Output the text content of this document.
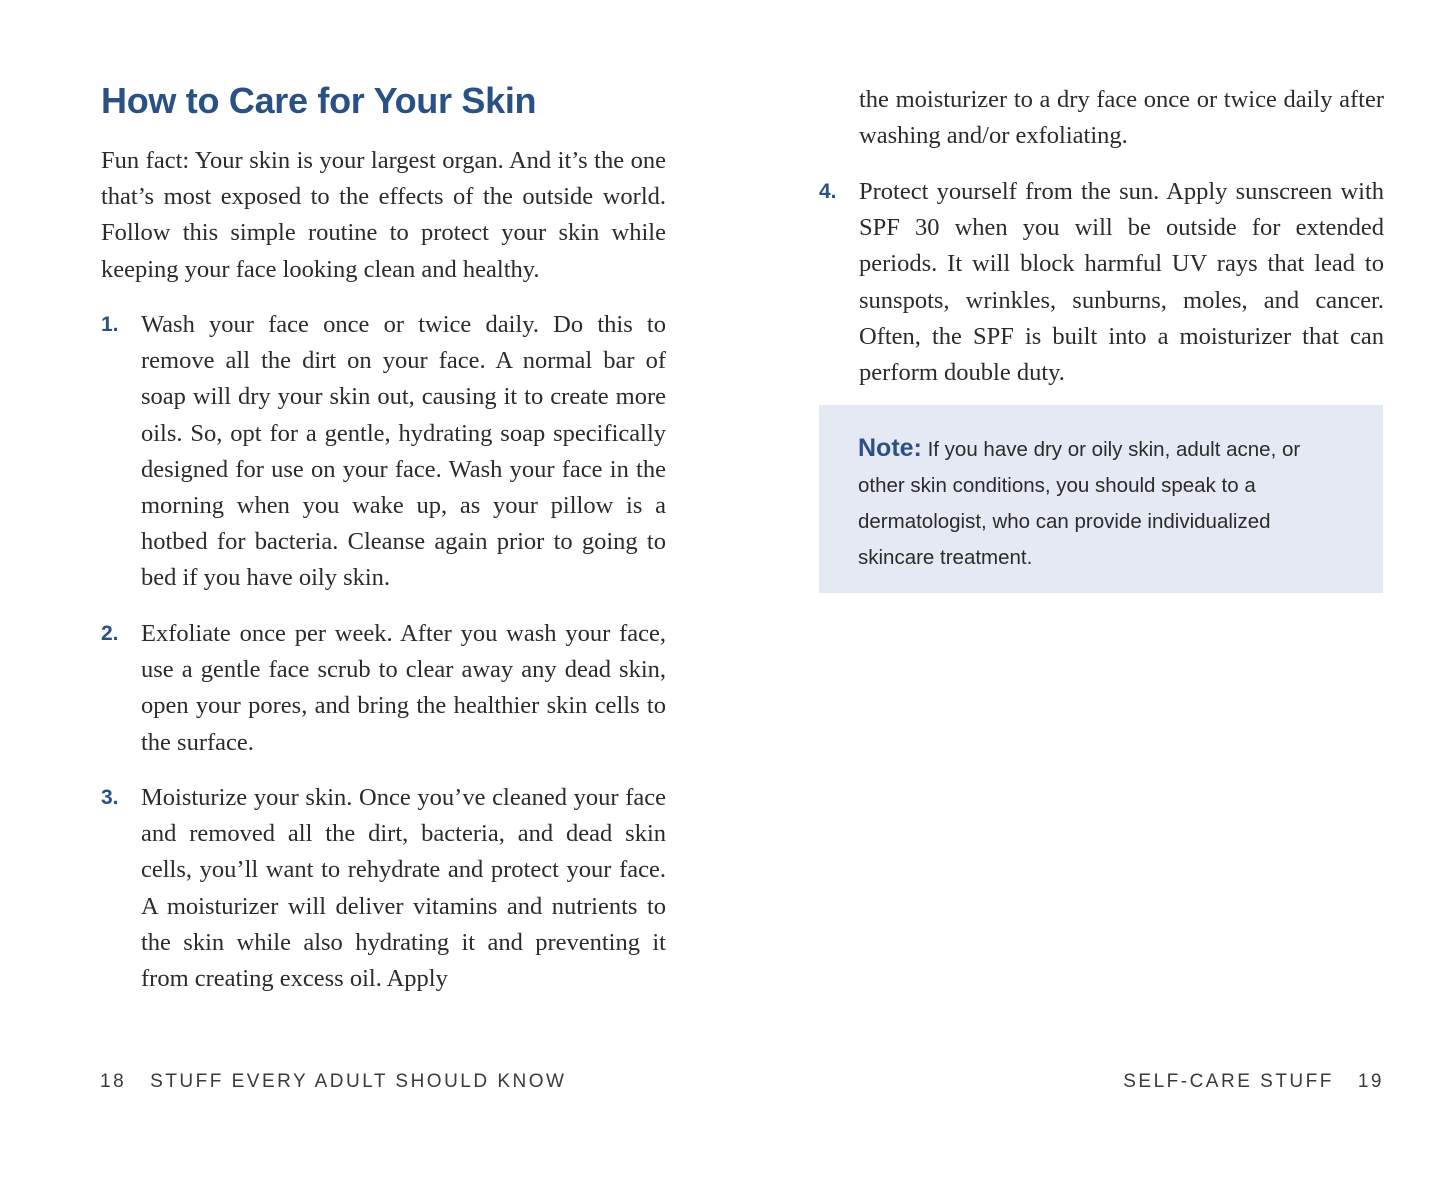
How to Care for Your Skin

Fun fact: Your skin is your largest organ. And it’s the one that’s most exposed to the effects of the outside world. Follow this simple routine to protect your skin while keeping your face looking clean and healthy.

1. Wash your face once or twice daily. Do this to remove all the dirt on your face. A normal bar of soap will dry your skin out, causing it to create more oils. So, opt for a gentle, hydrating soap specifically designed for use on your face. Wash your face in the morning when you wake up, as your pillow is a hotbed for bacteria. Cleanse again prior to going to bed if you have oily skin.

2. Exfoliate once per week. After you wash your face, use a gentle face scrub to clear away any dead skin, open your pores, and bring the healthier skin cells to the surface.

3. Moisturize your skin. Once you’ve cleaned your face and removed all the dirt, bacteria, and dead skin cells, you’ll want to rehydrate and protect your face. A moisturizer will deliver vitamins and nutrients to the skin while also hydrating it and preventing it from creating excess oil. Apply

18 STUFF EVERY ADULT SHOULD KNOW

the moisturizer to a dry face once or twice daily after washing and/or exfoliating.

4. Protect yourself from the sun. Apply sunscreen with SPF 30 when you will be outside for extended periods. It will block harmful UV rays that lead to sunspots, wrinkles, sunburns, moles, and cancer. Often, the SPF is built into a moisturizer that can perform double duty.

Note: If you have dry or oily skin, adult acne, or other skin conditions, you should speak to a dermatologist, who can provide individualized skincare treatment.

SELF-CARE STUFF 19
